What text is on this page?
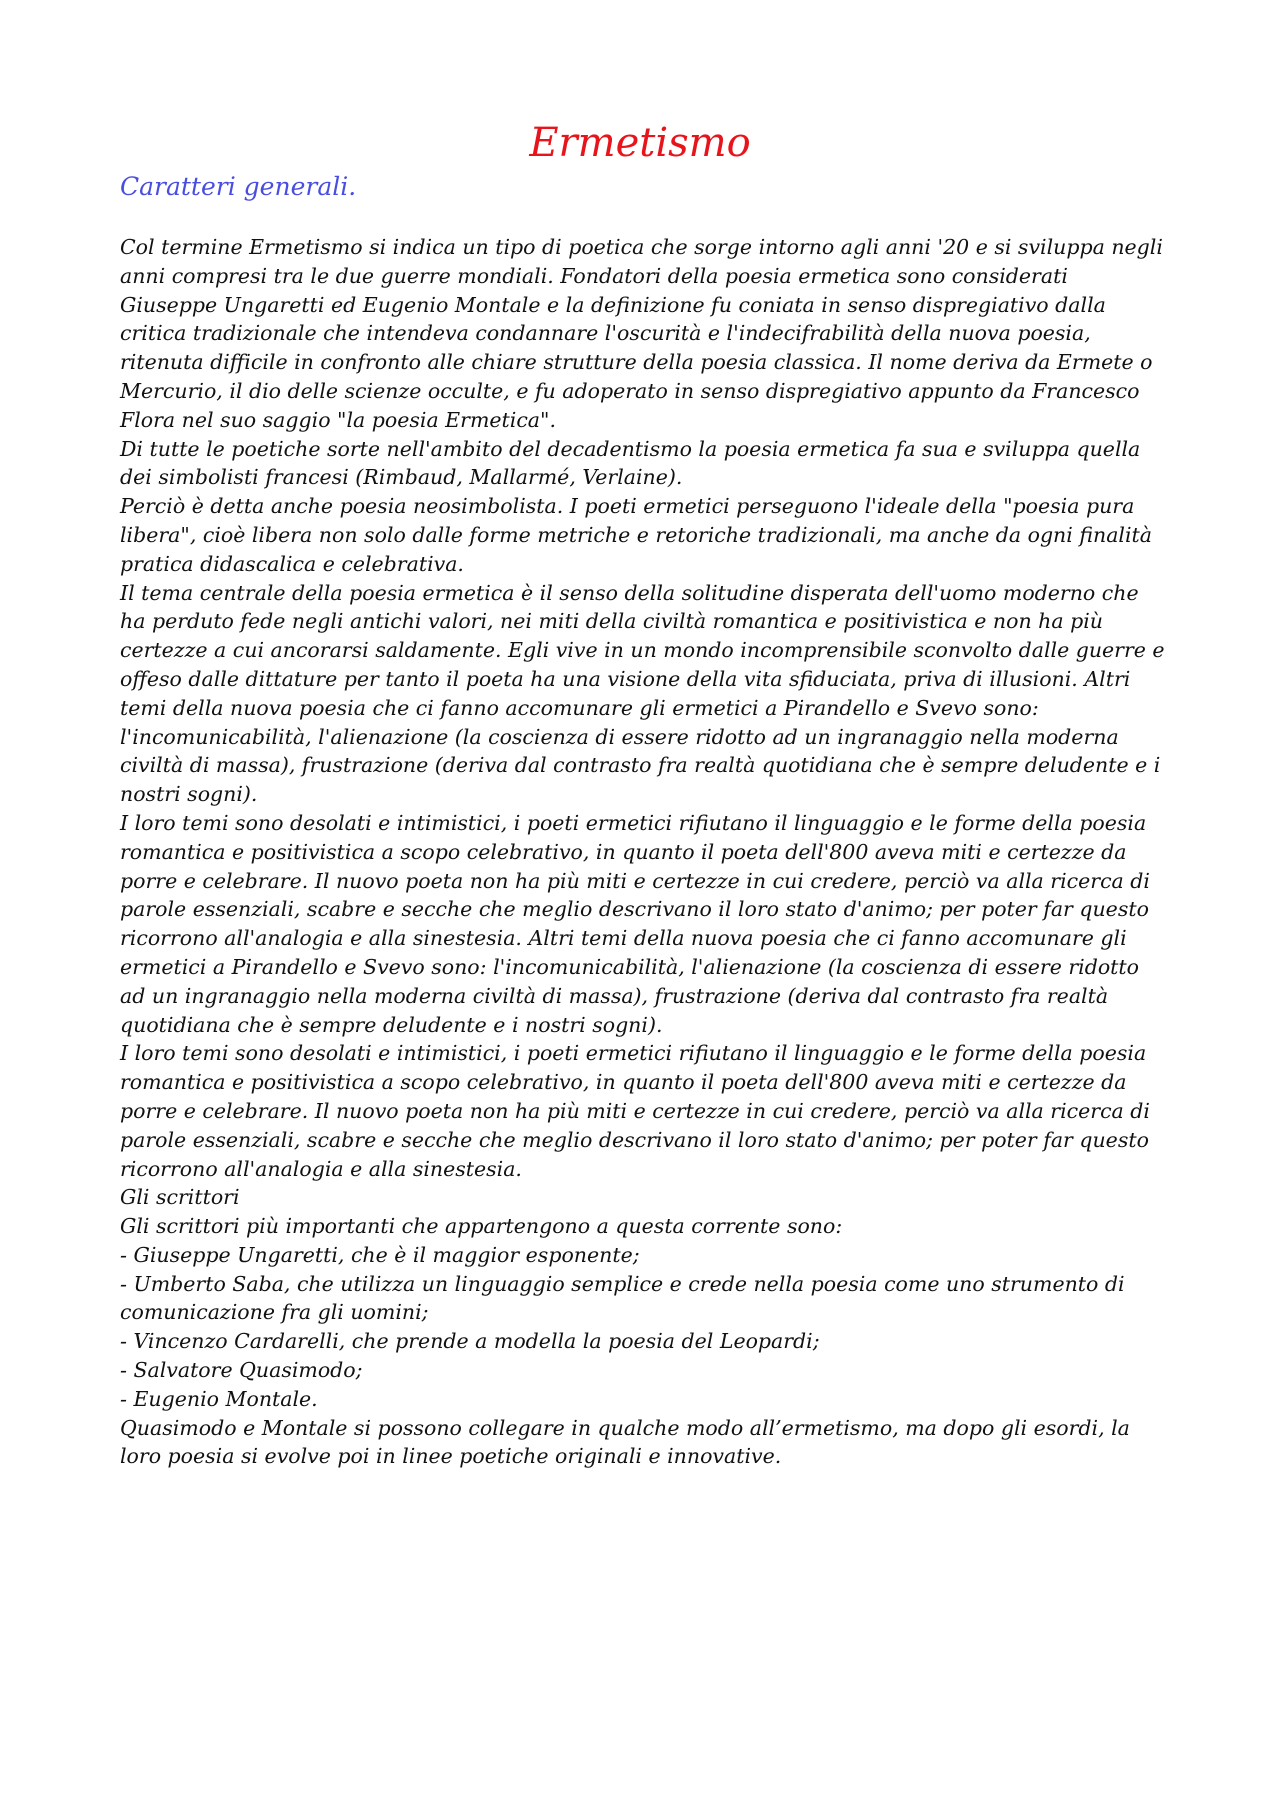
Ermetismo
Caratteri generali.

Col termine Ermetismo si indica un tipo di poetica che sorge intorno agli anni '20 e si sviluppa negli anni compresi tra le due guerre mondiali. Fondatori della poesia ermetica sono considerati Giuseppe Ungaretti ed Eugenio Montale e la definizione fu coniata in senso dispregiativo dalla critica tradizionale che intendeva condannare l'oscurità e l'indecifrabilità della nuova poesia, ritenuta difficile in confronto alle chiare strutture della poesia classica. Il nome deriva da Ermete o Mercurio, il dio delle scienze occulte, e fu adoperato in senso dispregiativo appunto da Francesco Flora nel suo saggio "la poesia Ermetica".

Di tutte le poetiche sorte nell'ambito del decadentismo la poesia ermetica fa sua e sviluppa quella dei simbolisti francesi (Rimbaud, Mallarmé, Verlaine).

Perciò è detta anche poesia neosimbolista. I poeti ermetici perseguono l'ideale della "poesia pura libera", cioè libera non solo dalle forme metriche e retoriche tradizionali, ma anche da ogni finalità pratica didascalica e celebrativa.

Il tema centrale della poesia ermetica è il senso della solitudine disperata dell'uomo moderno che ha perduto fede negli antichi valori, nei miti della civiltà romantica e positivistica e non ha più certezze a cui ancorarsi saldamente. Egli vive in un mondo incomprensibile sconvolto dalle guerre e offeso dalle dittature per tanto il poeta ha una visione della vita sfiduciata, priva di illusioni. Altri temi della nuova poesia che ci fanno accomunare gli ermetici a Pirandello e Svevo sono: l'incomunicabilità, l'alienazione (la coscienza di essere ridotto ad un ingranaggio nella moderna civiltà di massa), frustrazione (deriva dal contrasto fra realtà quotidiana che è sempre deludente e i nostri sogni).

I loro temi sono desolati e intimistici, i poeti ermetici rifiutano il linguaggio e le forme della poesia romantica e positivistica a scopo celebrativo, in quanto il poeta dell'800 aveva miti e certezze da porre e celebrare. Il nuovo poeta non ha più miti e certezze in cui credere, perciò va alla ricerca di parole essenziali, scabre e secche che meglio descrivano il loro stato d'animo; per poter far questo ricorrono all'analogia e alla sinestesia. Altri temi della nuova poesia che ci fanno accomunare gli ermetici a Pirandello e Svevo sono: l'incomunicabilità, l'alienazione (la coscienza di essere ridotto ad un ingranaggio nella moderna civiltà di massa), frustrazione (deriva dal contrasto fra realtà quotidiana che è sempre deludente e i nostri sogni).

I loro temi sono desolati e intimistici, i poeti ermetici rifiutano il linguaggio e le forme della poesia romantica e positivistica a scopo celebrativo, in quanto il poeta dell'800 aveva miti e certezze da porre e celebrare. Il nuovo poeta non ha più miti e certezze in cui credere, perciò va alla ricerca di parole essenziali, scabre e secche che meglio descrivano il loro stato d'animo; per poter far questo ricorrono all'analogia e alla sinestesia.

Gli scrittori

Gli scrittori più importanti che appartengono a questa corrente sono:

- Giuseppe Ungaretti, che è il maggior esponente;

- Umberto Saba, che utilizza un linguaggio semplice e crede nella poesia come uno strumento di comunicazione fra gli uomini;

- Vincenzo Cardarelli, che prende a modella la poesia del Leopardi;

- Salvatore Quasimodo;

- Eugenio Montale.

Quasimodo e Montale si possono collegare in qualche modo all’ermetismo, ma dopo gli esordi, la loro poesia si evolve poi in linee poetiche originali e innovative.
